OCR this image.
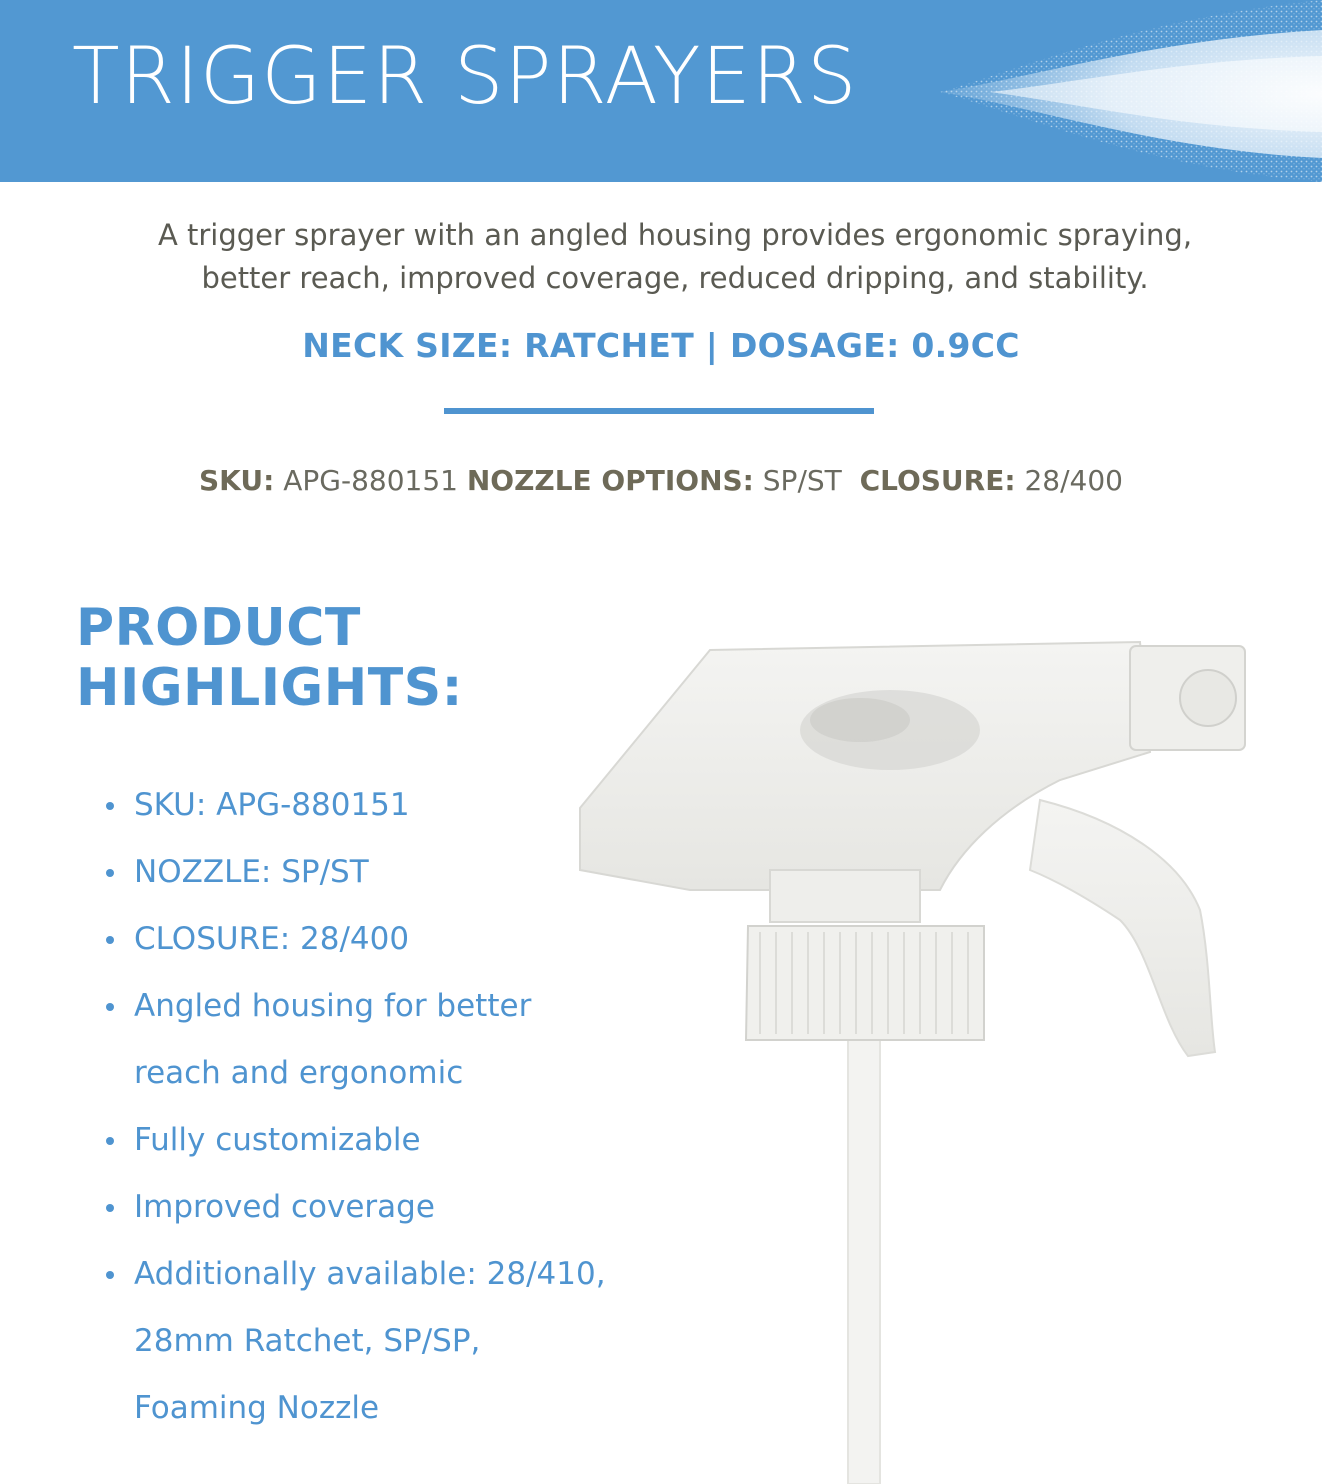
TRIGGER SPRAYERS
A trigger sprayer with an angled housing provides ergonomic spraying,
better reach, improved coverage, reduced dripping, and stability.
NECK SIZE: RATCHET | DOSAGE: 0.9CC
SKU: APG-880151 NOZZLE OPTIONS: SP/ST CLOSURE: 28/400
PRODUCT
HIGHLIGHTS:
SKU: APG-880151
NOZZLE: SP/ST
CLOSURE: 28/400
Angled housing for better
reach and ergonomic
Fully customizable
Improved coverage
Additionally available: 28/410,
28mm Ratchet, SP/SP,
Foaming Nozzle
